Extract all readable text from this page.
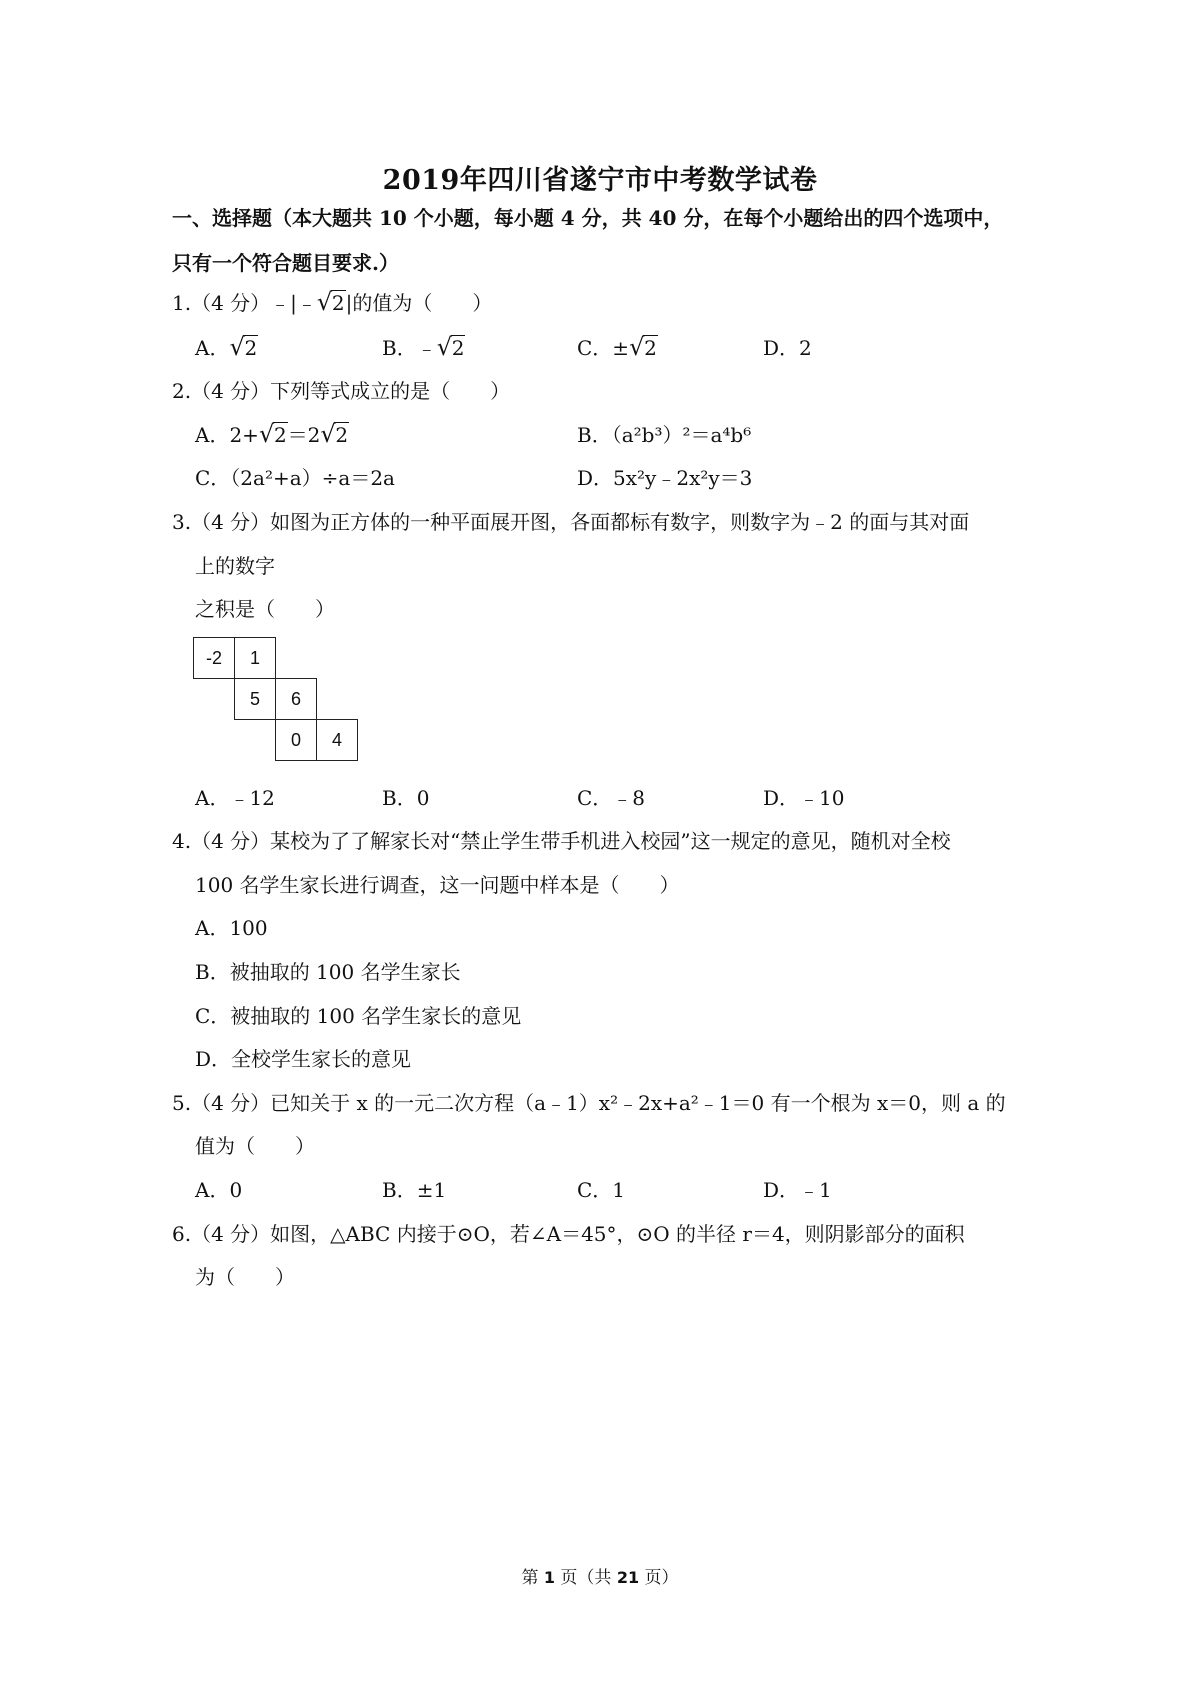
2019年四川省遂宁市中考数学试卷
一、选择题（本大题共 10 个小题，每小题 4 分，共 40 分，在每个小题给出的四个选项中，
只有一个符合题目要求.）
1.（4 分）﹣|﹣ √ 2|的值为（　　）
A． √ 2	B．﹣ √ 2	C．± √ 2	D．2
2.（4 分）下列等式成立的是（　　）
A．2+ √ 2＝2 √ 2	B．（a²b³）²＝a⁴b⁶
C．（2a²+a）÷a＝2a	D．5x²y﹣2x²y＝3
3.（4 分）如图为正方体的一种平面展开图，各面都标有数字，则数字为﹣2 的面与其对面
上的数字
之积是（　　）
-2	1
5	6
0	4
A．﹣12	B．0	C．﹣8	D．﹣10
4.（4 分）某校为了了解家长对“禁止学生带手机进入校园”这一规定的意见，随机对全校
100 名学生家长进行调查，这一问题中样本是（　　）
A．100
B．被抽取的 100 名学生家长
C．被抽取的 100 名学生家长的意见
D．全校学生家长的意见
5.（4 分）已知关于 x 的一元二次方程（a﹣1）x²﹣2x+a²﹣1＝0 有一个根为 x＝0，则 a 的
值为（　　）
A．0	B．±1	C．1	D．﹣1
6.（4 分）如图，△ABC 内接于⊙O，若∠A＝45°，⊙O 的半径 r＝4，则阴影部分的面积
为（　　）
第 1 页（共 21 页）
